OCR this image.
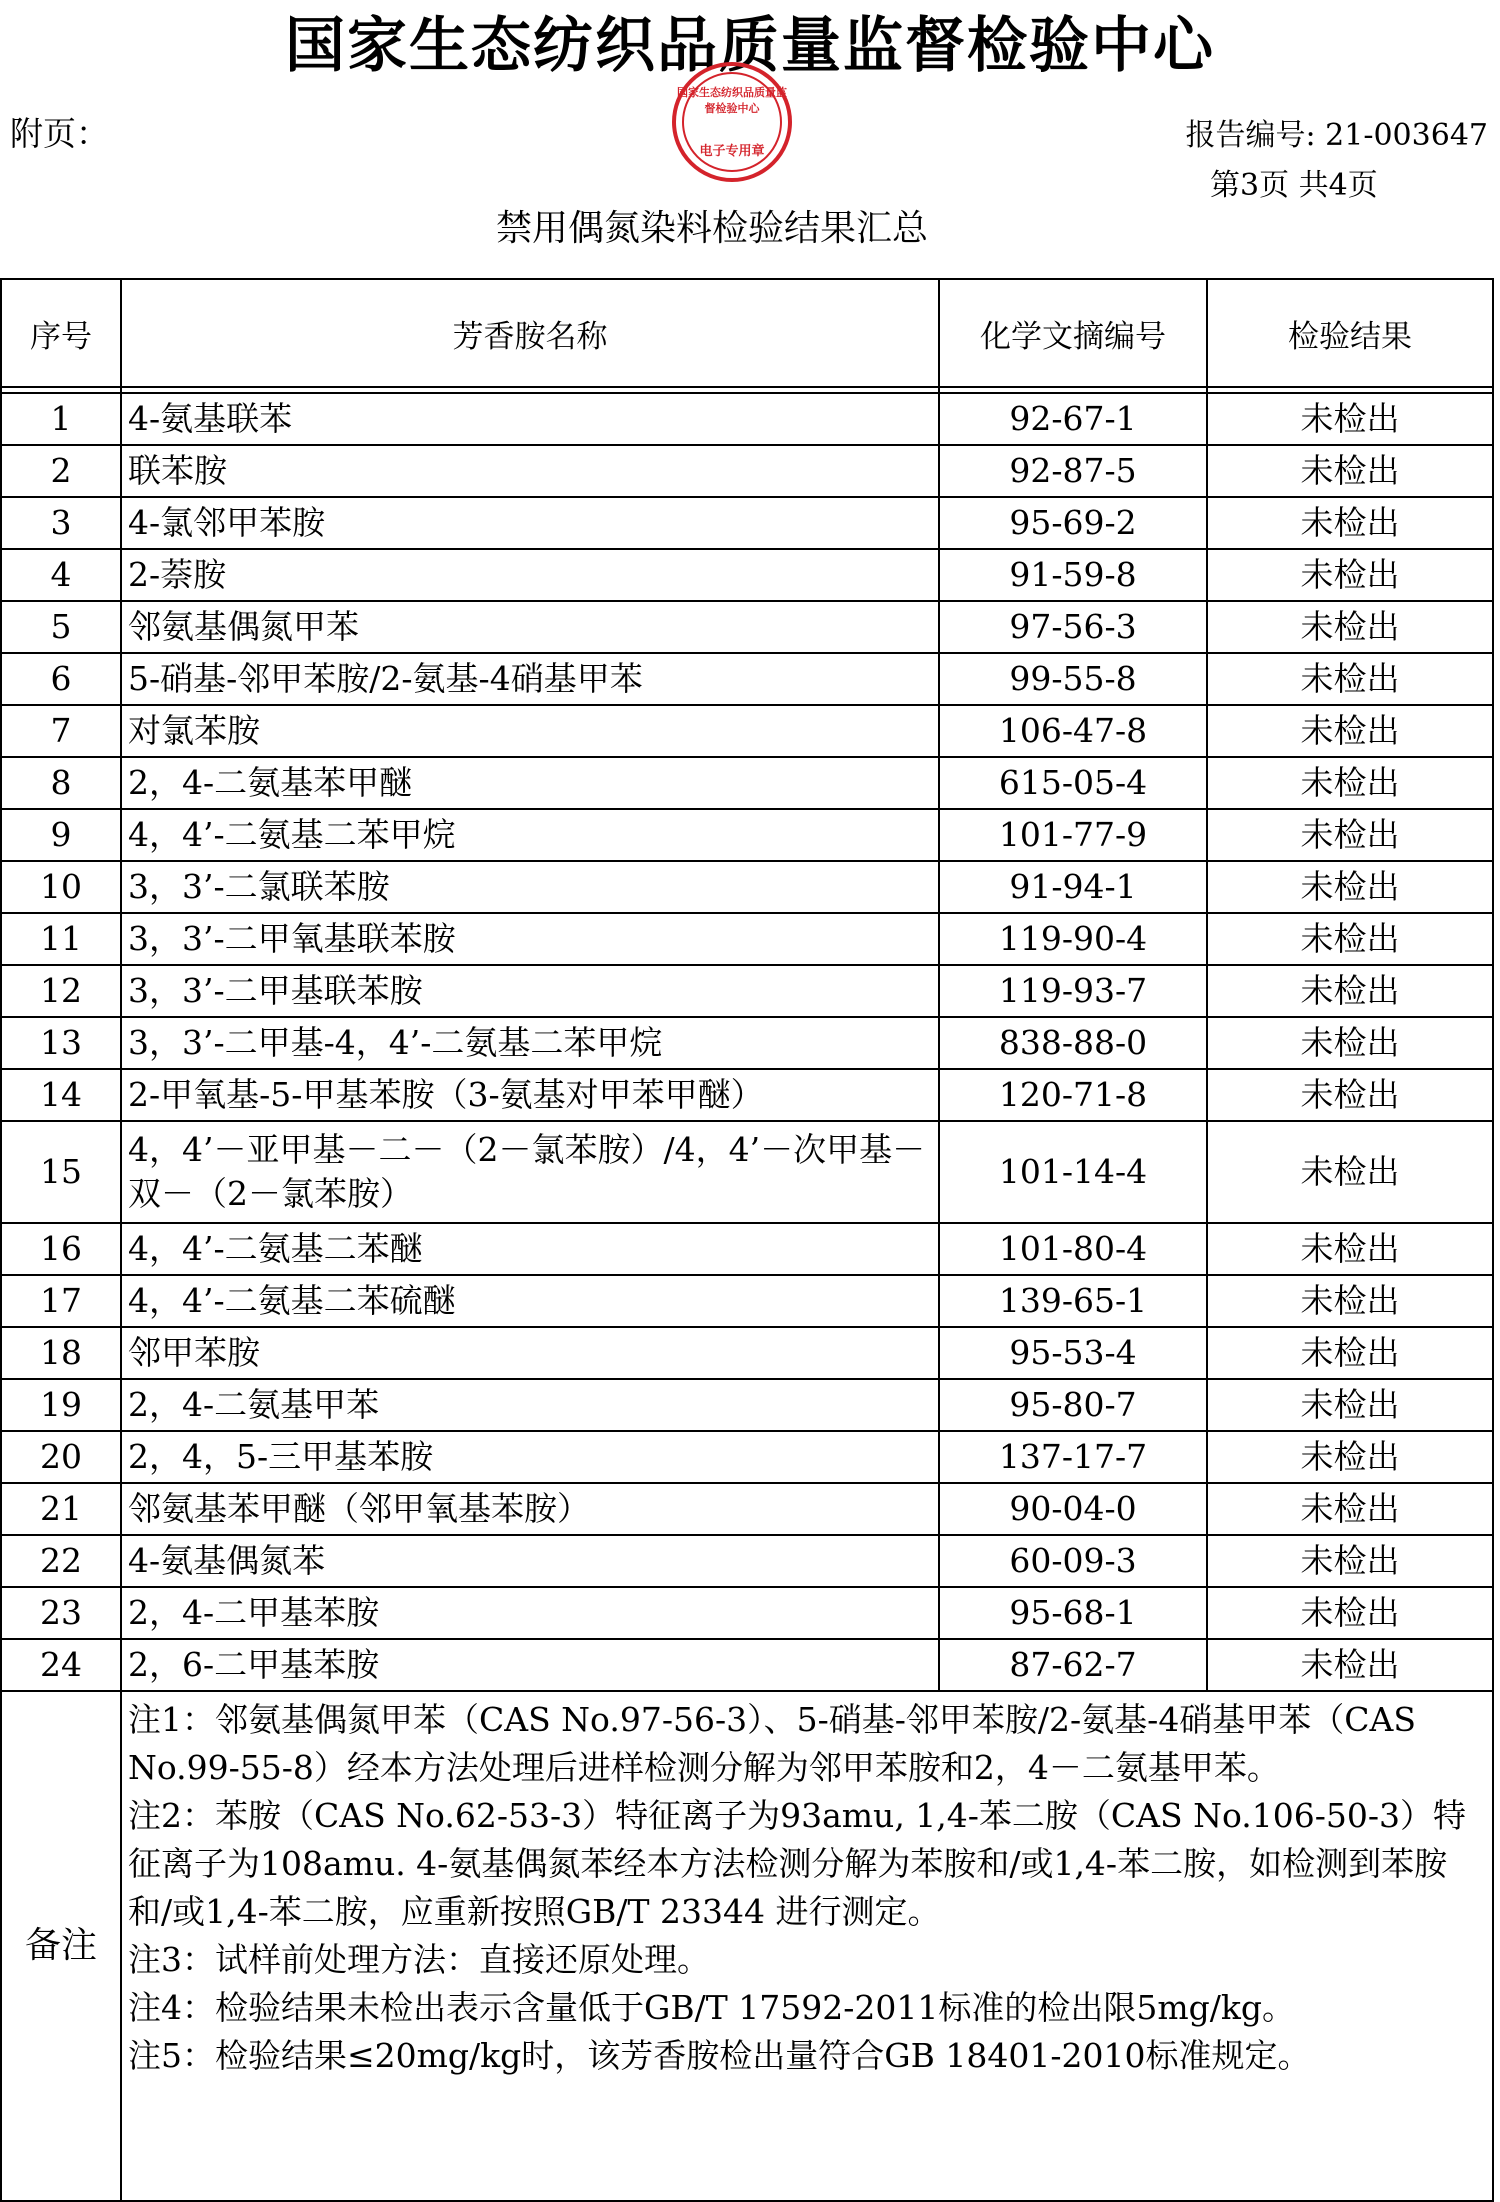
国家生态纺织品质量监督检验中心
附页：	报告编号: 21-003647
第3页 共4页
禁用偶氮染料检验结果汇总
国家生态纺织品质量监督检验中心
电子专用章
序号	芳香胺名称	化学文摘编号	检验结果

1	4-氨基联苯	92-67-1	未检出
2	联苯胺	92-87-5	未检出
3	4-氯邻甲苯胺	95-69-2	未检出
4	2-萘胺	91-59-8	未检出
5	邻氨基偶氮甲苯	97-56-3	未检出
6	5-硝基-邻甲苯胺/2-氨基-4硝基甲苯	99-55-8	未检出
7	对氯苯胺	106-47-8	未检出
8	2，4-二氨基苯甲醚	615-05-4	未检出
9	4，4’-二氨基二苯甲烷	101-77-9	未检出
10	3，3’-二氯联苯胺	91-94-1	未检出
11	3，3’-二甲氧基联苯胺	119-90-4	未检出
12	3，3’-二甲基联苯胺	119-93-7	未检出
13	3，3’-二甲基-4，4’-二氨基二苯甲烷	838-88-0	未检出
14	2-甲氧基-5-甲基苯胺（3-氨基对甲苯甲醚）	120-71-8	未检出
15	4，4’－亚甲基－二－（2－氯苯胺）/4，4’－次甲基－双－（2－氯苯胺）	101-14-4	未检出
16	4，4’-二氨基二苯醚	101-80-4	未检出
17	4，4’-二氨基二苯硫醚	139-65-1	未检出
18	邻甲苯胺	95-53-4	未检出
19	2，4-二氨基甲苯	95-80-7	未检出
20	2，4，5-三甲基苯胺	137-17-7	未检出
21	邻氨基苯甲醚（邻甲氧基苯胺）	90-04-0	未检出
22	4-氨基偶氮苯	60-09-3	未检出
23	2，4-二甲基苯胺	95-68-1	未检出
24	2，6-二甲基苯胺	87-62-7	未检出
备注	注1：邻氨基偶氮甲苯（CAS No.97-56-3）、5-硝基-邻甲苯胺/2-氨基-4硝基甲苯（CAS No.99-55-8）经本方法处理后进样检测分解为邻甲苯胺和2，4－二氨基甲苯。

注2：苯胺（CAS No.62-53-3）特征离子为93amu, 1,4-苯二胺（CAS No.106-50-3）特征离子为108amu. 4-氨基偶氮苯经本方法检测分解为苯胺和/或1,4-苯二胺，如检测到苯胺和/或1,4-苯二胺，应重新按照GB/T 23344 进行测定。

注3：试样前处理方法：直接还原处理。

注4：检验结果未检出表示含量低于GB/T 17592-2011标准的检出限5mg/kg。

注5：检验结果≤20mg/kg时，该芳香胺检出量符合GB 18401-2010标准规定。		
